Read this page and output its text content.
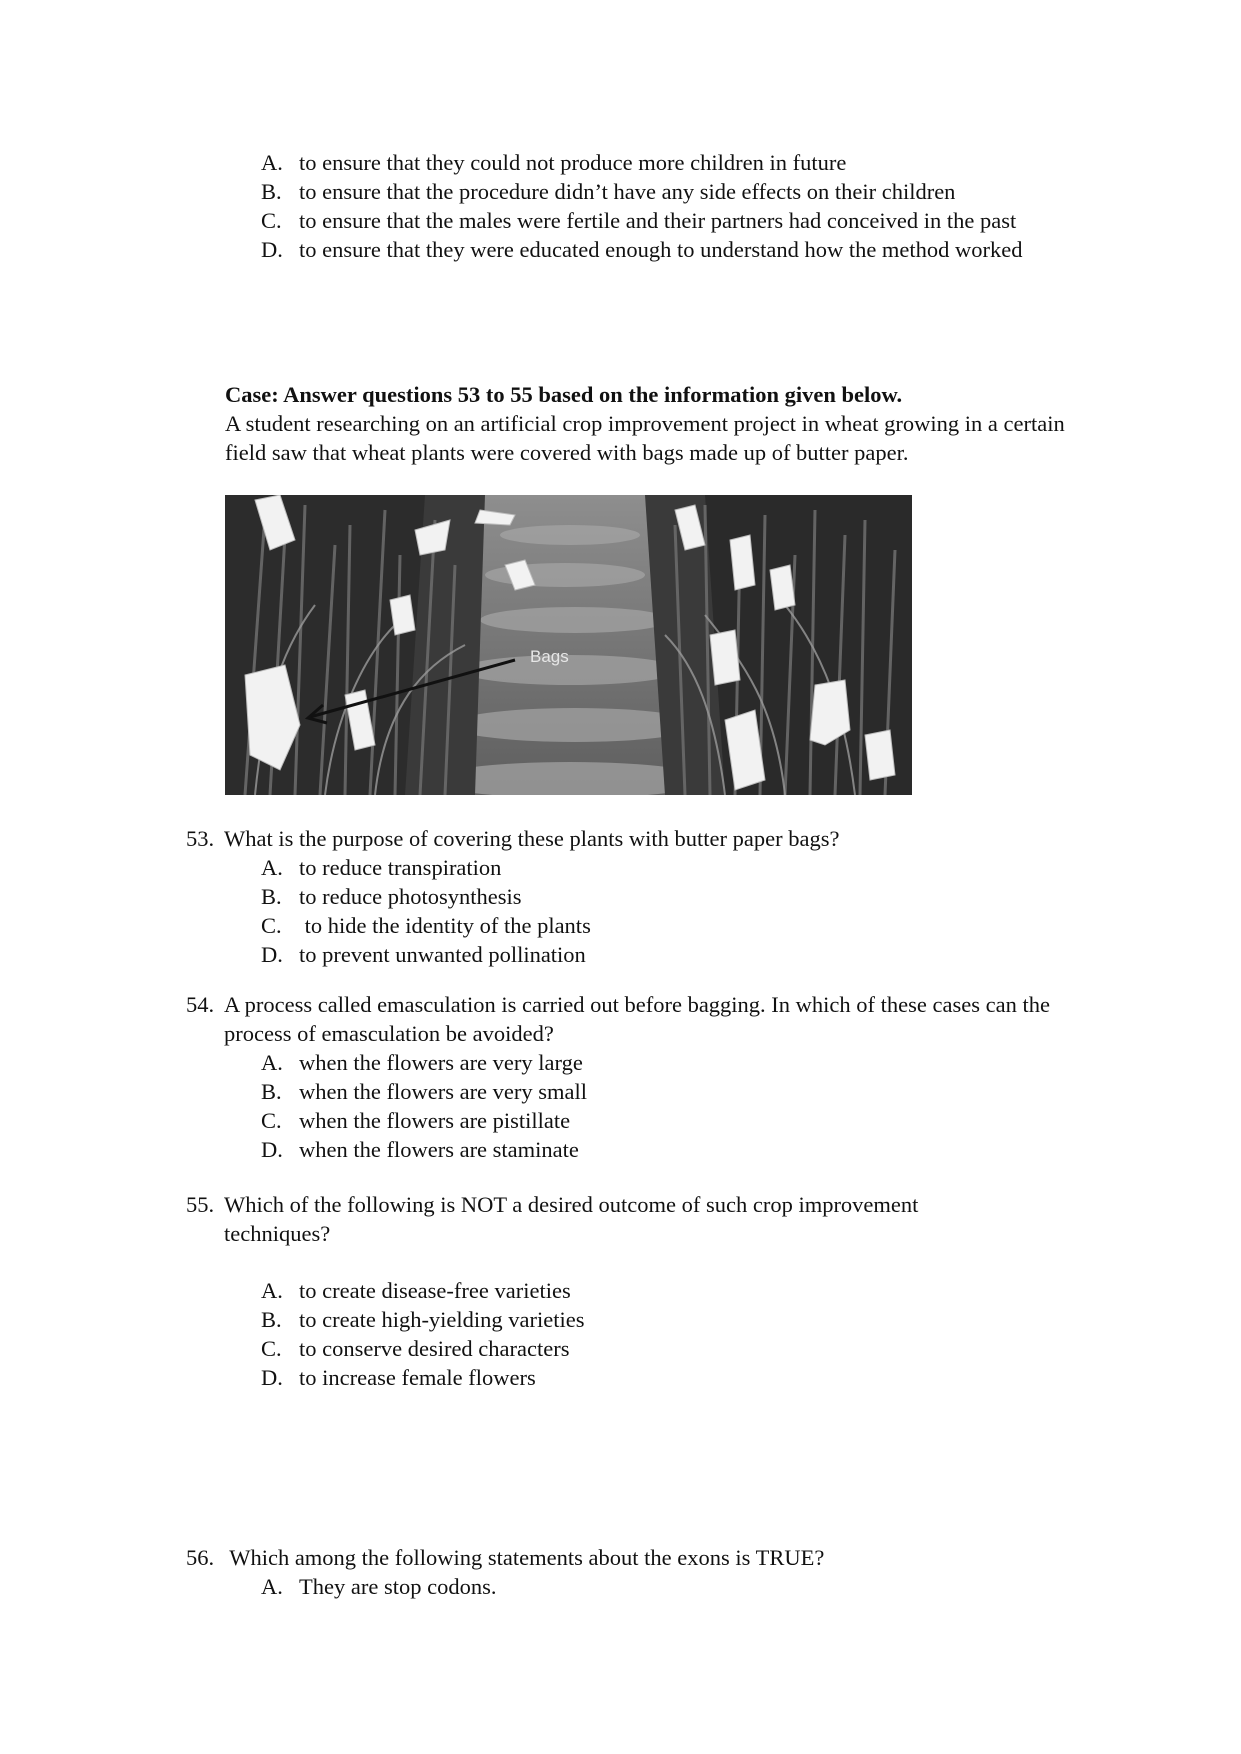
A. to ensure that they could not produce more children in future

B. to ensure that the procedure didn’t have any side effects on their children

C. to ensure that the males were fertile and their partners had conceived in the past

D. to ensure that they were educated enough to understand how the method worked

Case: Answer questions 53 to 55 based on the information given below.
A student researching on an artificial crop improvement project in wheat growing in a certain field saw that wheat plants were covered with bags made up of butter paper.
Bags

53. What is the purpose of covering these plants with butter paper bags?

A. to reduce transpiration

B. to reduce photosynthesis

C. to hide the identity of the plants

D. to prevent unwanted pollination

54. A process called emasculation is carried out before bagging. In which of these cases can the process of emasculation be avoided?

A. when the flowers are very large

B. when the flowers are very small

C. when the flowers are pistillate

D. when the flowers are staminate

55. Which of the following is NOT a desired outcome of such crop improvement techniques?

A. to create disease-free varieties

B. to create high-yielding varieties

C. to conserve desired characters

D. to increase female flowers

56. Which among the following statements about the exons is TRUE?

A. They are stop codons.
